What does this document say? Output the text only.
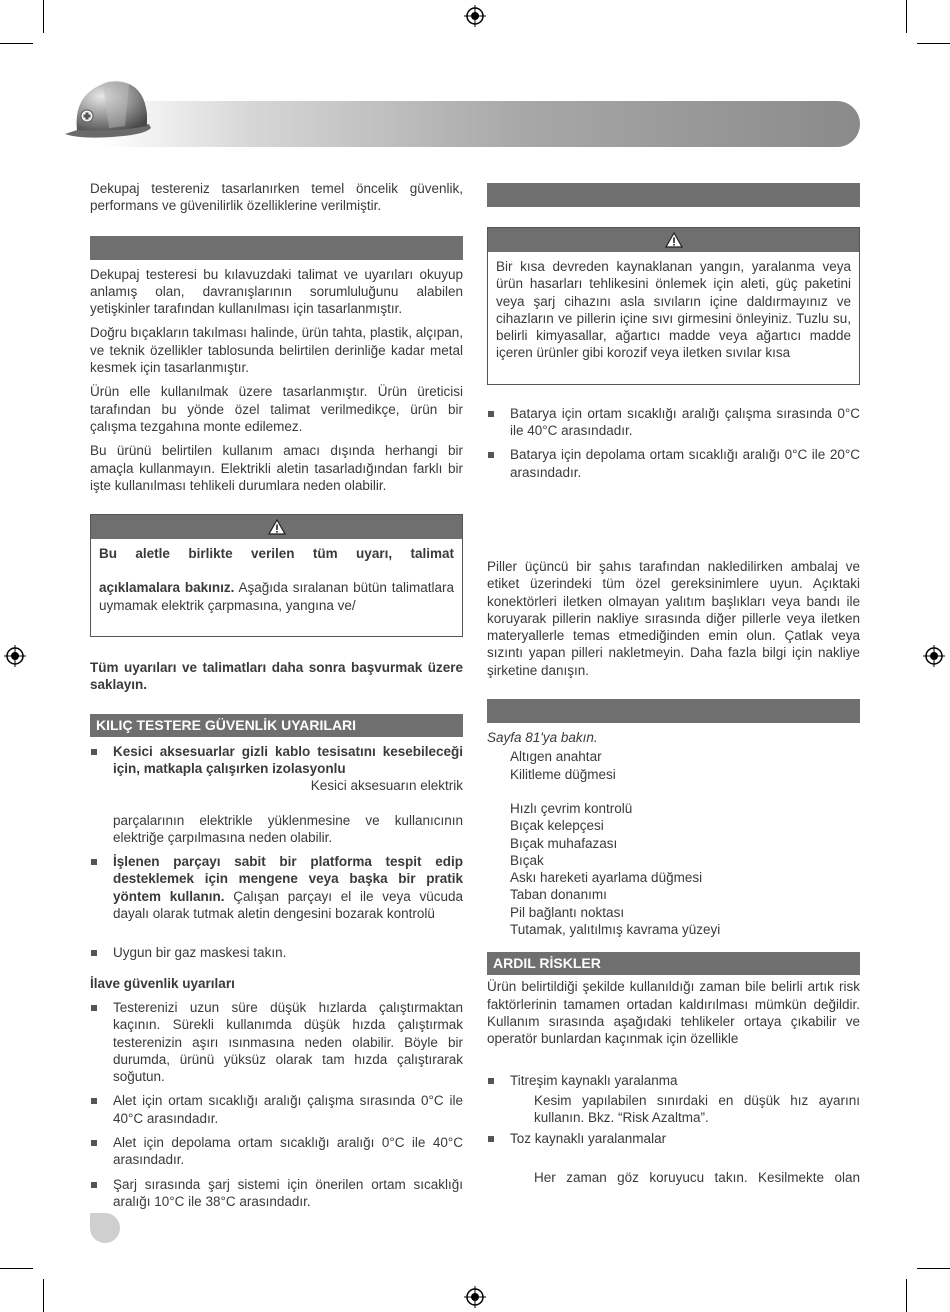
Dekupaj testereniz tasarlanırken temel öncelik güvenlik, performans ve güvenilirlik özelliklerine verilmiştir.

Dekupaj testeresi bu kılavuzdaki talimat ve uyarıları okuyup anlamış olan, davranışlarının sorumluluğunu alabilen yetişkinler tarafından kullanılması için tasarlanmıştır.

Doğru bıçakların takılması halinde, ürün tahta, plastik, alçıpan, ve teknik özellikler tablosunda belirtilen derinliğe kadar metal kesmek için tasarlanmıştır.

Ürün elle kullanılmak üzere tasarlanmıştır. Ürün üreticisi tarafından bu yönde özel talimat verilmedikçe, ürün bir çalışma tezgahına monte edilemez.

Bu ürünü belirtilen kullanım amacı dışında herhangi bir amaçla kullanmayın. Elektrikli aletin tasarladığından farklı bir işte kullanılması tehlikeli durumlara neden olabilir.

Bu aletle birlikte verilen tüm uyarı, talimat
açıklamalara bakınız. Aşağıda sıralanan bütün talimatlara uymamak elektrik çarpmasına, yangına ve/

Tüm uyarıları ve talimatları daha sonra başvurmak üzere saklayın.

KILIÇ TESTERE GÜVENLİK UYARILARI
Kesici aksesuarlar gizli kablo tesisatını kesebileceği için, matkapla çalışırken izolasyonlu
Kesici aksesuarın elektrik
parçalarının elektrikle yüklenmesine ve kullanıcının elektriğe çarpılmasına neden olabilir.
İşlenen parçayı sabit bir platforma tespit edip desteklemek için mengene veya başka bir pratik yöntem kullanın. Çalışan parçayı el ile veya vücuda dayalı olarak tutmak aletin dengesini bozarak kontrolü
Uygun bir gaz maskesi takın.

İlave güvenlik uyarıları

Testerenizi uzun süre düşük hızlarda çalıştırmaktan kaçının. Sürekli kullanımda düşük hızda çalıştırmak testerenizin aşırı ısınmasına neden olabilir. Böyle bir durumda, ürünü yüksüz olarak tam hızda çalıştırarak soğutun.
Alet için ortam sıcaklığı aralığı çalışma sırasında 0°C ile 40°C arasındadır.
Alet için depolama ortam sıcaklığı aralığı 0°C ile 40°C arasındadır.
Şarj sırasında şarj sistemi için önerilen ortam sıcaklığı aralığı 10°C ile 38°C arasındadır.
Bir kısa devreden kaynaklanan yangın, yaralanma veya ürün hasarları tehlikesini önlemek için aleti, güç paketini veya şarj cihazını asla sıvıların içine daldırmayınız ve cihazların ve pillerin içine sıvı girmesini önleyiniz. Tuzlu su, belirli kimyasallar, ağartıcı madde veya ağartıcı madde içeren ürünler gibi korozif veya iletken sıvılar kısa
Batarya için ortam sıcaklığı aralığı çalışma sırasında 0°C ile 40°C arasındadır.
Batarya için depolama ortam sıcaklığı aralığı 0°C ile 20°C arasındadır.

Piller üçüncü bir şahıs tarafından nakledilirken ambalaj ve etiket üzerindeki tüm özel gereksinimlere uyun. Açıktaki konektörleri iletken olmayan yalıtım başlıkları veya bandı ile koruyarak pillerin nakliye sırasında diğer pillerle veya iletken materyallerle temas etmediğinden emin olun. Çatlak veya sızıntı yapan pilleri nakletmeyin. Daha fazla bilgi için nakliye şirketine danışın.

Sayfa 81'ya bakın.
Altıgen anahtar
Kilitleme düğmesi
Hızlı çevrim kontrolü
Bıçak kelepçesi
Bıçak muhafazası
Bıçak
Askı hareketi ayarlama düğmesi
Taban donanımı
Pil bağlantı noktası
Tutamak, yalıtılmış kavrama yüzeyi
ARDIL RİSKLER

Ürün belirtildiği şekilde kullanıldığı zaman bile belirli artık risk faktörlerinin tamamen ortadan kaldırılması mümkün değildir. Kullanım sırasında aşağıdaki tehlikeler ortaya çıkabilir ve operatör bunlardan kaçınmak için özellikle

Titreşim kaynaklı yaralanma
Kesim yapılabilen sınırdaki en düşük hız ayarını kullanın. Bkz. “Risk Azaltma”.
Toz kaynaklı yaralanmalar
Her zaman göz koruyucu takın. Kesilmekte olan
